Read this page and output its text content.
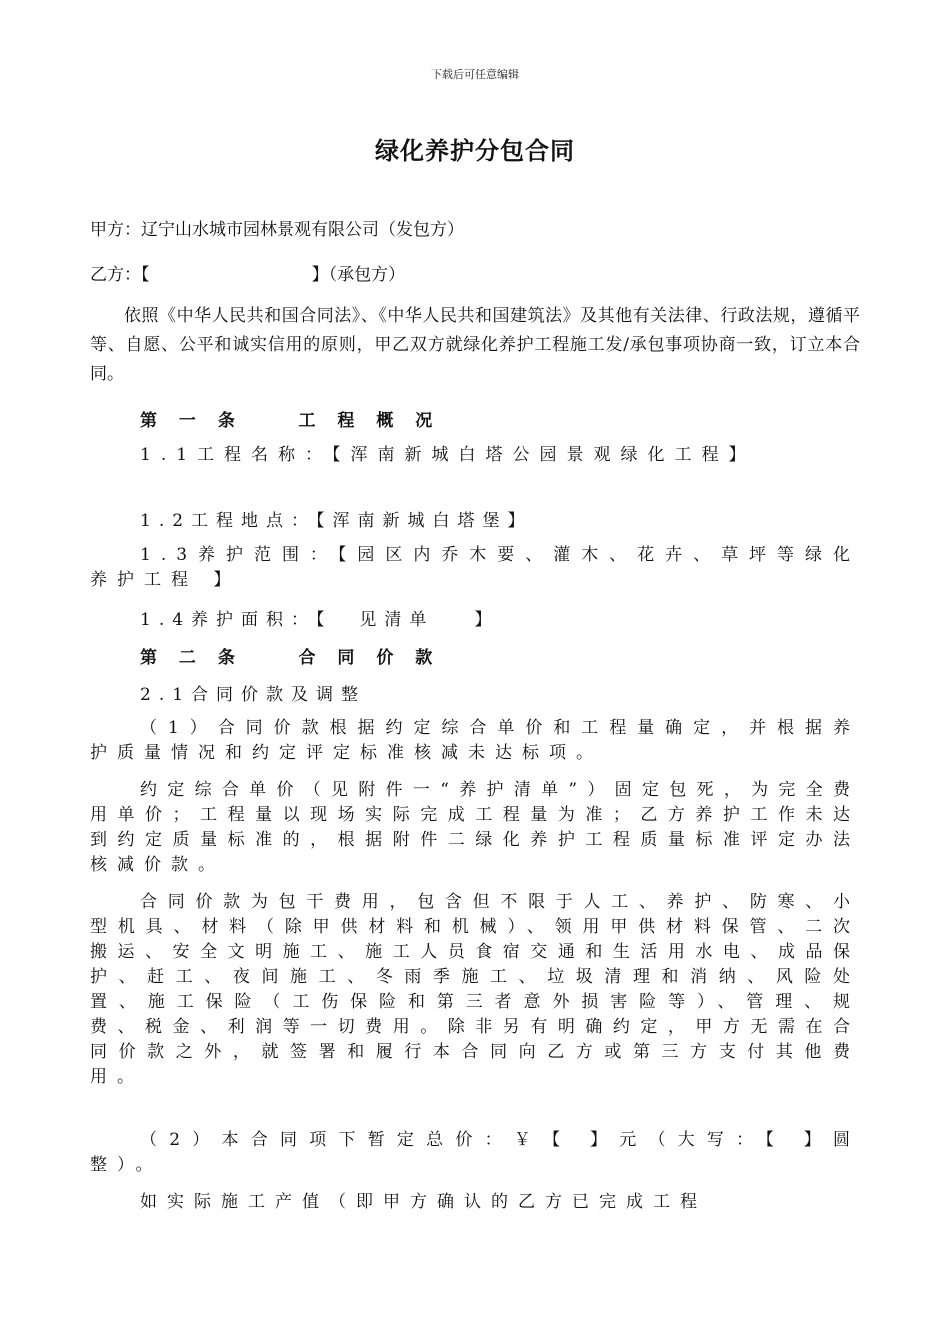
下载后可任意编辑
绿化养护分包合同
甲方：辽宁山水城市园林景观有限公司（发包方）
乙方：【                              】（承包方）
依照《中华人民共和国合同法》、《中华人民共和国建筑法》及其他有关法律、行政法规，遵循平等、自愿、公平和诚实信用的原则，甲乙双方就绿化养护工程施工发/承包事项协商一致，订立本合同。
第 一 条    工 程 概 况
1.1工程名称：【浑南新城白塔公园景观绿化工程】
1.2工程地点：【浑南新城白塔堡】
1.3养护范围：【园区内乔木要、灌木、花卉、草坪等绿化养护工程 】
1.4养护面积：【  见清单   】
第 二 条    合 同 价 款
2.1合同价款及调整
（1）合同价款根据约定综合单价和工程量确定，并根据养护质量情况和约定评定标准核减未达标项。
约定综合单价（见附件一“养护清单”）固定包死，为完全费用单价；工程量以现场实际完成工程量为准；乙方养护工作未达到约定质量标准的，根据附件二绿化养护工程质量标准评定办法核减价款。
合同价款为包干费用，包含但不限于人工、养护、防寒、小型机具、材料（除甲供材料和机械）、领用甲供材料保管、二次搬运、安全文明施工、施工人员食宿交通和生活用水电、成品保护、赶工、夜间施工、冬雨季施工、垃圾清理和消纳、风险处置、施工保险（工伤保险和第三者意外损害险等）、管理、规费、税金、利润等一切费用。除非另有明确约定，甲方无需在合同价款之外，就签署和履行本合同向乙方或第三方支付其他费用。
（2）本合同项下暂定总价：￥【 】元（大写：【 】圆整）。
如实际施工产值（即甲方确认的乙方已完成工程
